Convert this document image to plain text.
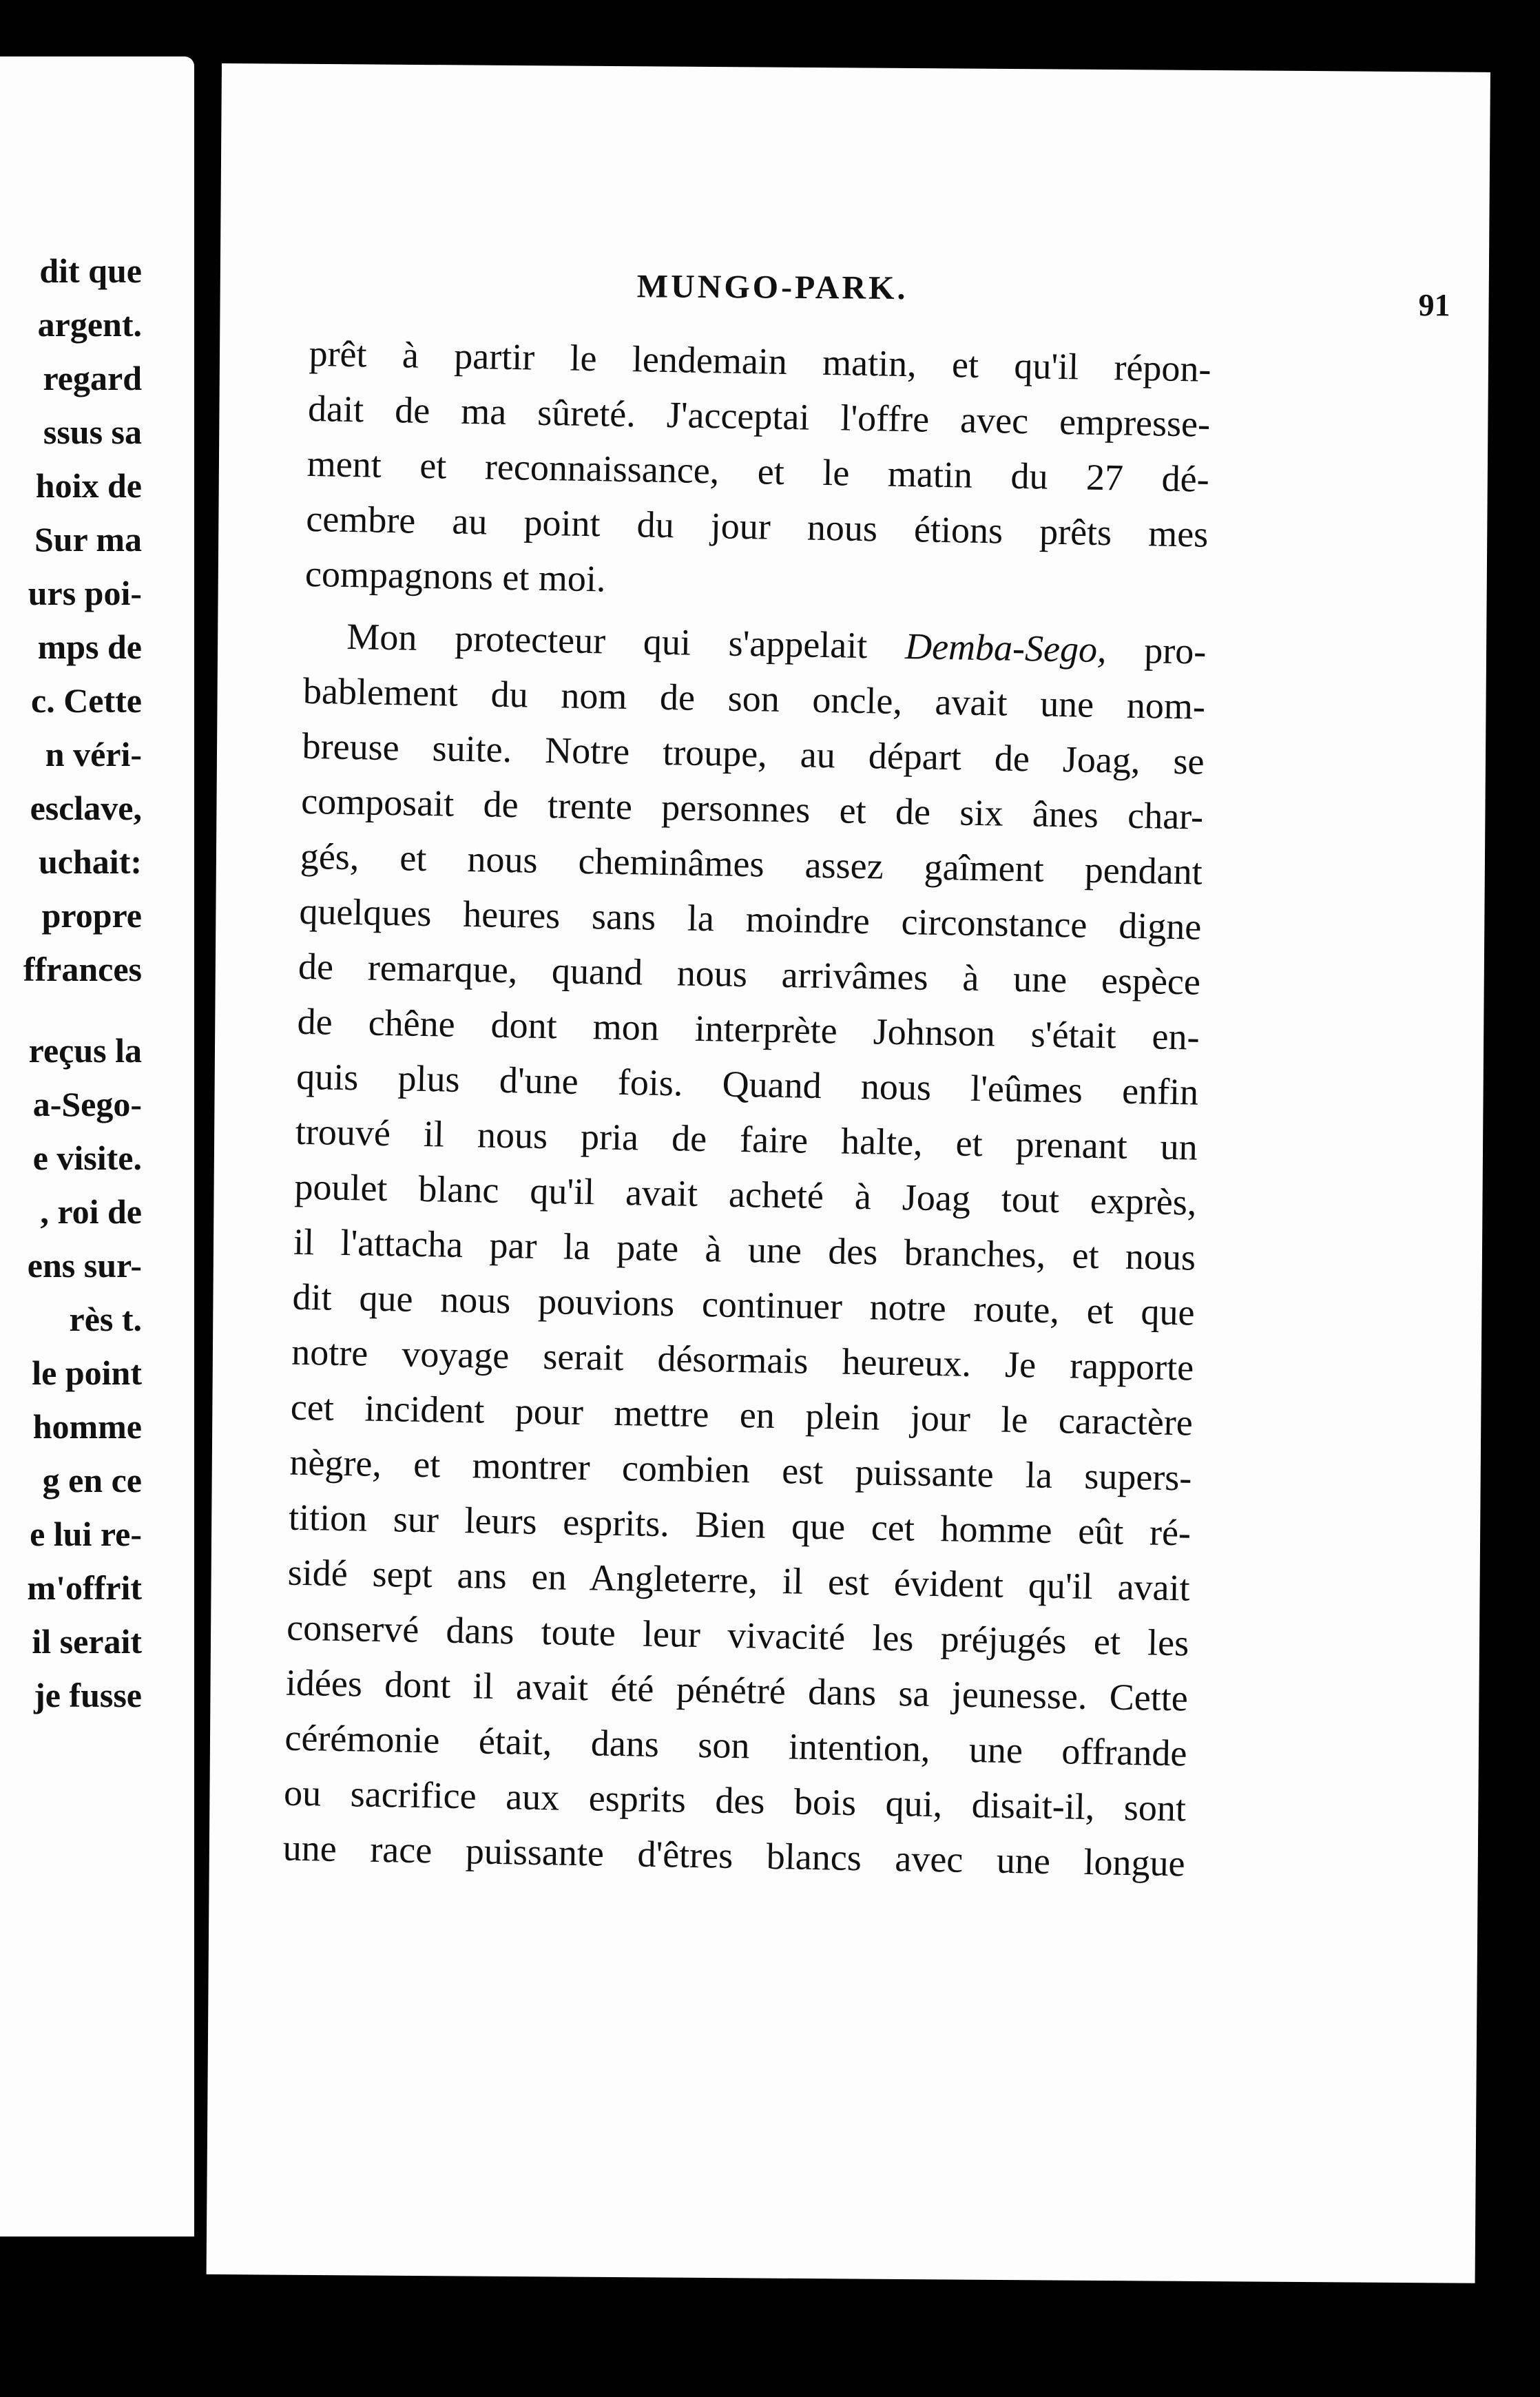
dit que

argent.

regard

ssus sa

hoix de

Sur ma

urs poi-

mps de

c. Cette

n véri-

esclave,

uchait:

propre

ffrances

reçus la

a-Sego-

e visite.

, roi de

ens sur-

rès t.

le point

homme

g en ce

e lui re-

m'offrit

il serait

je fusse

MUNGO-PARK.	91

prêt à partir le lendemain matin, et qu'il répon-
dait de ma sûreté. J'acceptai l'offre avec empresse-
ment et reconnaissance, et le matin du 27 dé-
cembre au point du jour nous étions prêts mes
compagnons et moi.
Mon protecteur qui s'appelait Demba-Sego, pro-
bablement du nom de son oncle, avait une nom-
breuse suite. Notre troupe, au départ de Joag, se
composait de trente personnes et de six ânes char-
gés, et nous cheminâmes assez gaîment pendant
quelques heures sans la moindre circonstance digne
de remarque, quand nous arrivâmes à une espèce
de chêne dont mon interprète Johnson s'était en-
quis plus d'une fois. Quand nous l'eûmes enfin
trouvé il nous pria de faire halte, et prenant un
poulet blanc qu'il avait acheté à Joag tout exprès,
il l'attacha par la pate à une des branches, et nous
dit que nous pouvions continuer notre route, et que
notre voyage serait désormais heureux. Je rapporte
cet incident pour mettre en plein jour le caractère
nègre, et montrer combien est puissante la supers-
tition sur leurs esprits. Bien que cet homme eût ré-
sidé sept ans en Angleterre, il est évident qu'il avait
conservé dans toute leur vivacité les préjugés et les
idées dont il avait été pénétré dans sa jeunesse. Cette
cérémonie était, dans son intention, une offrande
ou sacrifice aux esprits des bois qui, disait-il, sont
une race puissante d'êtres blancs avec une longue
